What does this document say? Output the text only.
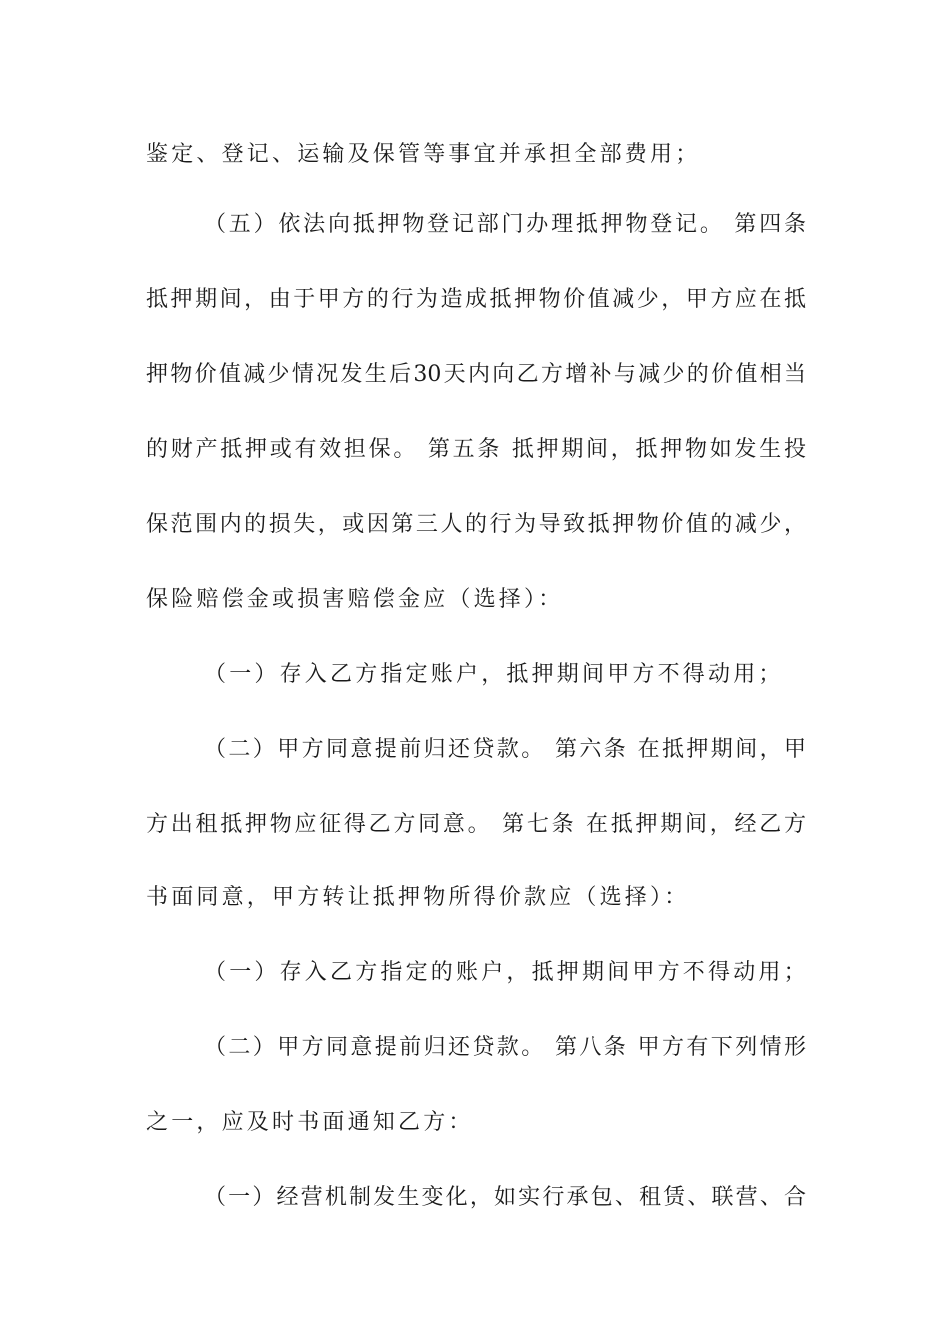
鉴定、登记、运输及保管等事宜并承担全部费用；
（五）依法向抵押物登记部门办理抵押物登记。 第四条
抵押期间，由于甲方的行为造成抵押物价值减少，甲方应在抵
押物价值减少情况发生后30天内向乙方增补与减少的价值相当
的财产抵押或有效担保。 第五条 抵押期间，抵押物如发生投
保范围内的损失，或因第三人的行为导致抵押物价值的减少，
保险赔偿金或损害赔偿金应（选择）：
（一）存入乙方指定账户，抵押期间甲方不得动用；
（二）甲方同意提前归还贷款。 第六条 在抵押期间，甲
方出租抵押物应征得乙方同意。 第七条 在抵押期间，经乙方
书面同意，甲方转让抵押物所得价款应（选择）：
（一）存入乙方指定的账户，抵押期间甲方不得动用；
（二）甲方同意提前归还贷款。 第八条 甲方有下列情形
之一，应及时书面通知乙方：
（一）经营机制发生变化，如实行承包、租赁、联营、合
